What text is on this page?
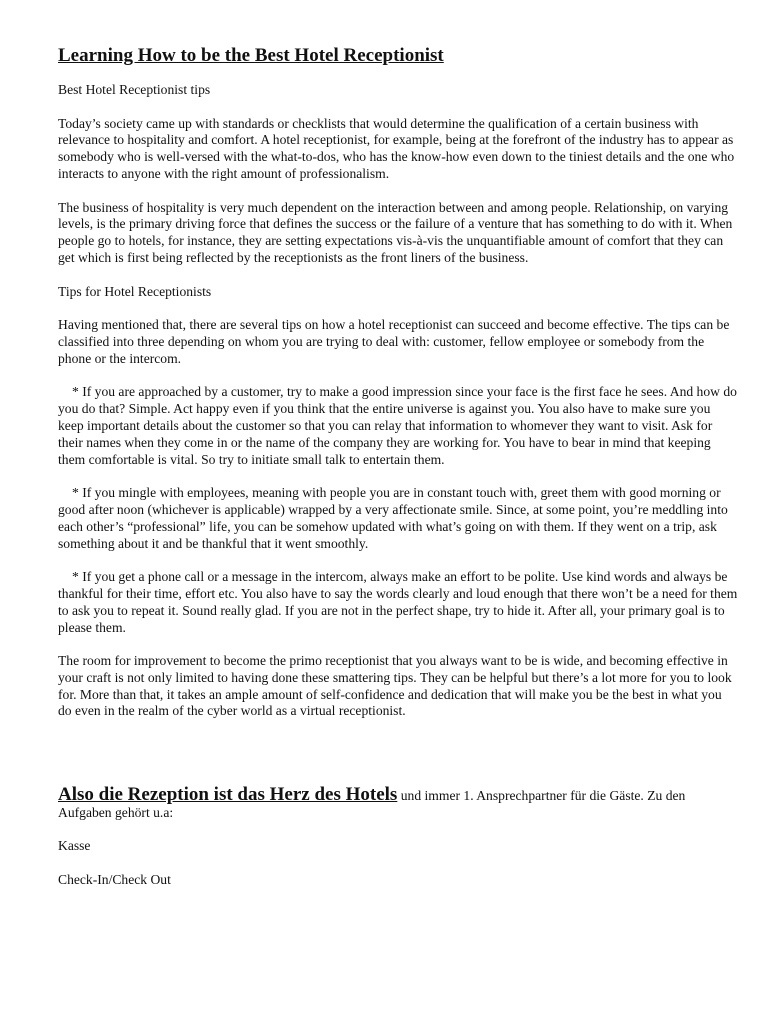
Learning How to be the Best Hotel Receptionist
Best Hotel Receptionist tips
Today’s society came up with standards or checklists that would determine the qualification of a certain business with relevance to hospitality and comfort. A hotel receptionist, for example, being at the forefront of the industry has to appear as somebody who is well-versed with the what-to-dos, who has the know-how even down to the tiniest details and the one who interacts to anyone with the right amount of professionalism.
The business of hospitality is very much dependent on the interaction between and among people. Relationship, on varying levels, is the primary driving force that defines the success or the failure of a venture that has something to do with it. When people go to hotels, for instance, they are setting expectations vis-à-vis the unquantifiable amount of comfort that they can get which is first being reflected by the receptionists as the front liners of the business.
Tips for Hotel Receptionists
Having mentioned that, there are several tips on how a hotel receptionist can succeed and become effective. The tips can be classified into three depending on whom you are trying to deal with: customer, fellow employee or somebody from the phone or the intercom.
* If you are approached by a customer, try to make a good impression since your face is the first face he sees. And how do you do that? Simple. Act happy even if you think that the entire universe is against you. You also have to make sure you keep important details about the customer so that you can relay that information to whomever they want to visit. Ask for their names when they come in or the name of the company they are working for. You have to bear in mind that keeping them comfortable is vital. So try to initiate small talk to entertain them.
* If you mingle with employees, meaning with people you are in constant touch with, greet them with good morning or good after noon (whichever is applicable) wrapped by a very affectionate smile. Since, at some point, you’re meddling into each other’s “professional” life, you can be somehow updated with what’s going on with them. If they went on a trip, ask something about it and be thankful that it went smoothly.
* If you get a phone call or a message in the intercom, always make an effort to be polite. Use kind words and always be thankful for their time, effort etc. You also have to say the words clearly and loud enough that there won’t be a need for them to ask you to repeat it. Sound really glad. If you are not in the perfect shape, try to hide it. After all, your primary goal is to please them.
The room for improvement to become the primo receptionist that you always want to be is wide, and becoming effective in your craft is not only limited to having done these smattering tips. They can be helpful but there’s a lot more for you to look for. More than that, it takes an ample amount of self-confidence and dedication that will make you be the best in what you do even in the realm of the cyber world as a virtual receptionist.
Also die Rezeption ist das Herz des Hotels und immer 1. Ansprechpartner für die Gäste. Zu den Aufgaben gehört u.a:
Kasse
Check-In/Check Out
